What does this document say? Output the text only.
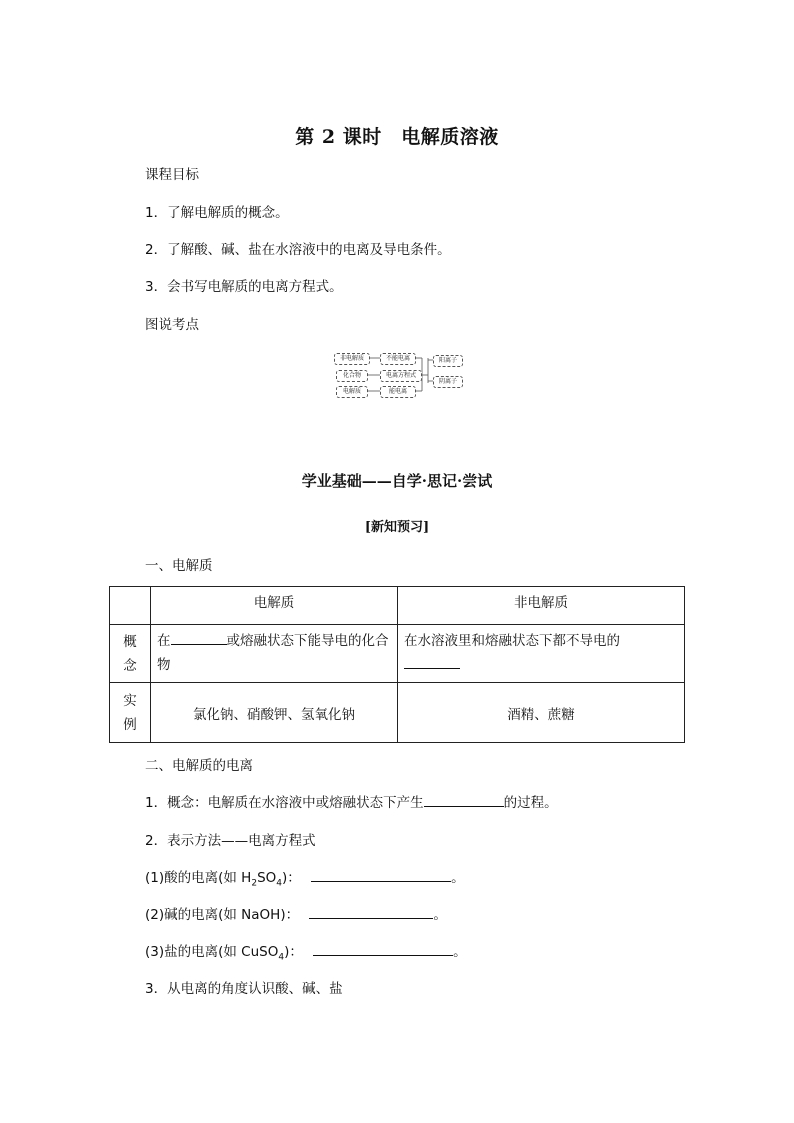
第 2 课时　电解质溶液
课程目标
1．了解电解质的概念。
2．了解酸、碱、盐在水溶液中的电离及导电条件。
3．会书写电解质的电离方程式。
图说考点
非电解质	不能电离
化合物	电离方程式
电解质	能电离
阳离子
阴离子
学业基础——自学·思记·尝试
[新知预习]
一、电解质
	电解质	非电解质

概念	在 或熔融状态下能导电的化合物	在水溶液里和熔融状态下都不导电的

实例	氯化钠、硝酸钾、氢氧化钠	酒精、蔗糖
二、电解质的电离
1．概念：电解质在水溶液中或熔融状态下产生	的过程。
2．表示方法——电离方程式
(1)酸的电离(如 $H_2SO_4$)：	。
(2)碱的电离(如 NaOH)：	。
(3)盐的电离(如 CuSO$_4$)：	。
3．从电离的角度认识酸、碱、盐
